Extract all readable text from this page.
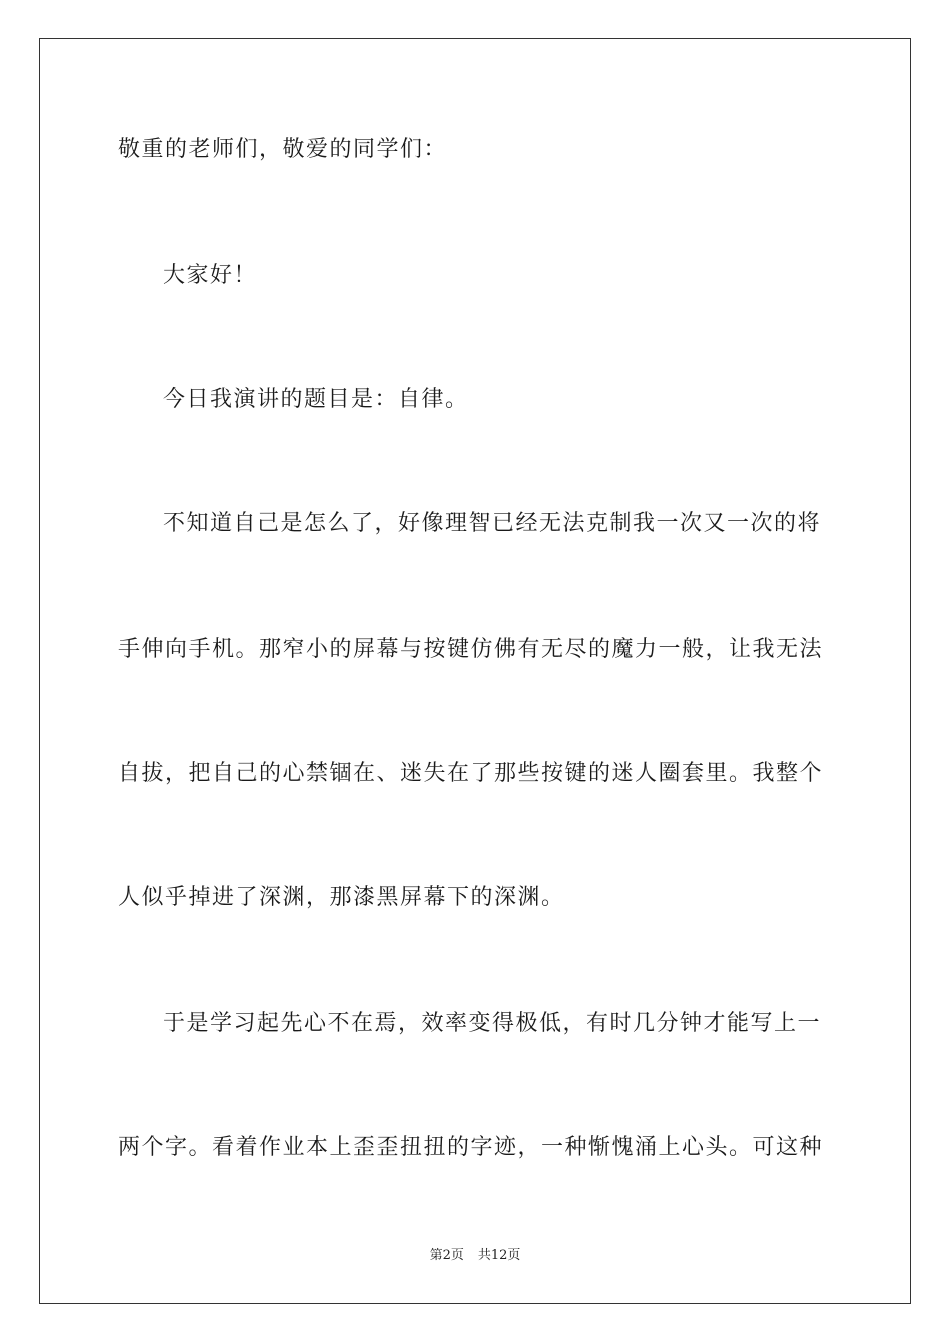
敬重的老师们，敬爱的同学们：

大家好！

今日我演讲的题目是：自律。

不知道自己是怎么了，好像理智已经无法克制我一次又一次的将

手伸向手机。那窄小的屏幕与按键仿佛有无尽的魔力一般，让我无法

自拔，把自己的心禁锢在、迷失在了那些按键的迷人圈套里。我整个

人似乎掉进了深渊，那漆黑屏幕下的深渊。

于是学习起先心不在焉，效率变得极低，有时几分钟才能写上一

两个字。看着作业本上歪歪扭扭的字迹，一种惭愧涌上心头。可这种

第2页 共12页
